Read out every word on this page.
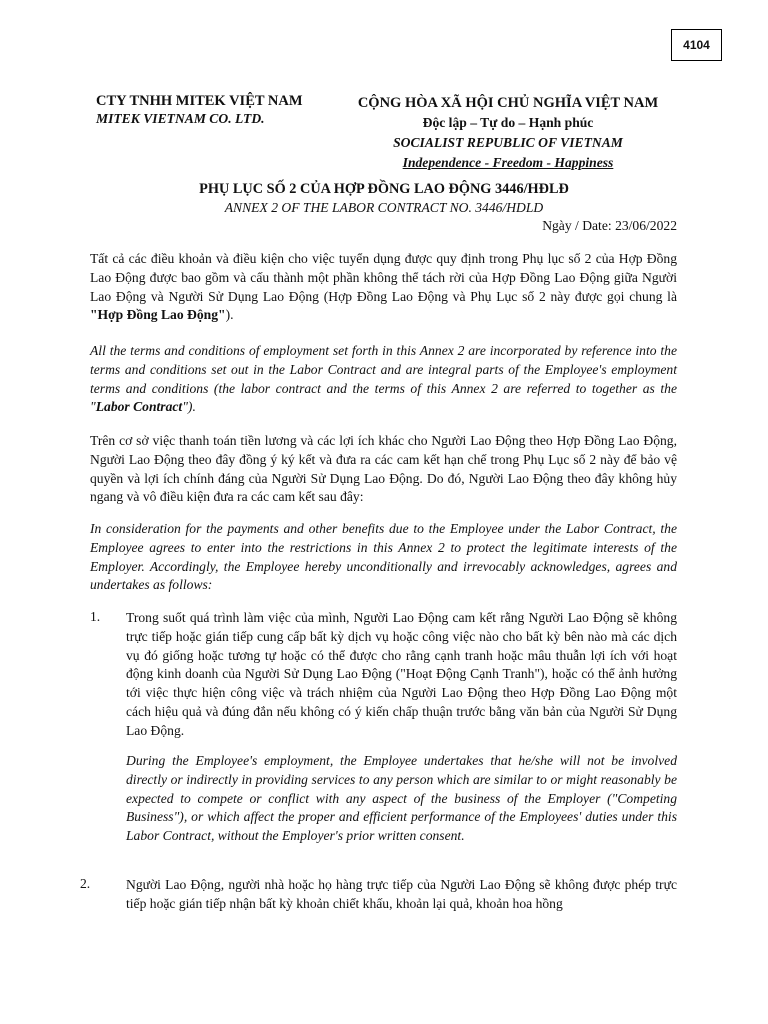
4104
CTY TNHH MITEK VIỆT NAM
MITEK VIETNAM CO. LTD.
CỘNG HÒA XÃ HỘI CHỦ NGHĨA VIỆT NAM
Độc lập – Tự do – Hạnh phúc
SOCIALIST REPUBLIC OF VIETNAM
Independence - Freedom - Happiness
PHỤ LỤC SỐ 2 CỦA HỢP ĐỒNG LAO ĐỘNG 3446/HĐLĐ
ANNEX 2 OF THE LABOR CONTRACT NO. 3446/HDLD
Ngày / Date: 23/06/2022

Tất cả các điều khoản và điều kiện cho việc tuyển dụng được quy định trong Phụ lục số 2 của Hợp Đồng Lao Động được bao gồm và cấu thành một phần không thể tách rời của Hợp Đồng Lao Động giữa Người Lao Động và Người Sử Dụng Lao Động (Hợp Đồng Lao Động và Phụ Lục số 2 này được gọi chung là "Hợp Đồng Lao Động").

All the terms and conditions of employment set forth in this Annex 2 are incorporated by reference into the terms and conditions set out in the Labor Contract and are integral parts of the Employee's employment terms and conditions (the labor contract and the terms of this Annex 2 are referred to together as the "Labor Contract").

Trên cơ sở việc thanh toán tiền lương và các lợi ích khác cho Người Lao Động theo Hợp Đồng Lao Động, Người Lao Động theo đây đồng ý ký kết và đưa ra các cam kết hạn chế trong Phụ Lục số 2 này để bảo vệ quyền và lợi ích chính đáng của Người Sử Dụng Lao Động. Do đó, Người Lao Động theo đây không hủy ngang và vô điều kiện đưa ra các cam kết sau đây:

In consideration for the payments and other benefits due to the Employee under the Labor Contract, the Employee agrees to enter into the restrictions in this Annex 2 to protect the legitimate interests of the Employer. Accordingly, the Employee hereby unconditionally and irrevocably acknowledges, agrees and undertakes as follows:

1. Trong suốt quá trình làm việc của mình, Người Lao Động cam kết rằng Người Lao Động sẽ không trực tiếp hoặc gián tiếp cung cấp bất kỳ dịch vụ hoặc công việc nào cho bất kỳ bên nào mà các dịch vụ đó giống hoặc tương tự hoặc có thể được cho rằng cạnh tranh hoặc mâu thuẫn lợi ích với hoạt động kinh doanh của Người Sử Dụng Lao Động ("Hoạt Động Cạnh Tranh"), hoặc có thể ảnh hưởng tới việc thực hiện công việc và trách nhiệm của Người Lao Động theo Hợp Đồng Lao Động một cách hiệu quả và đúng đắn nếu không có ý kiến chấp thuận trước bằng văn bản của Người Sử Dụng Lao Động.

During the Employee's employment, the Employee undertakes that he/she will not be involved directly or indirectly in providing services to any person which are similar to or might reasonably be expected to compete or conflict with any aspect of the business of the Employer ("Competing Business"), or which affect the proper and efficient performance of the Employees' duties under this Labor Contract, without the Employer's prior written consent.

2.	Người Lao Động, người nhà hoặc họ hàng trực tiếp của Người Lao Động sẽ không được phép trực tiếp hoặc gián tiếp nhận bất kỳ khoản chiết khấu, khoản lại quả, khoản hoa hồng
